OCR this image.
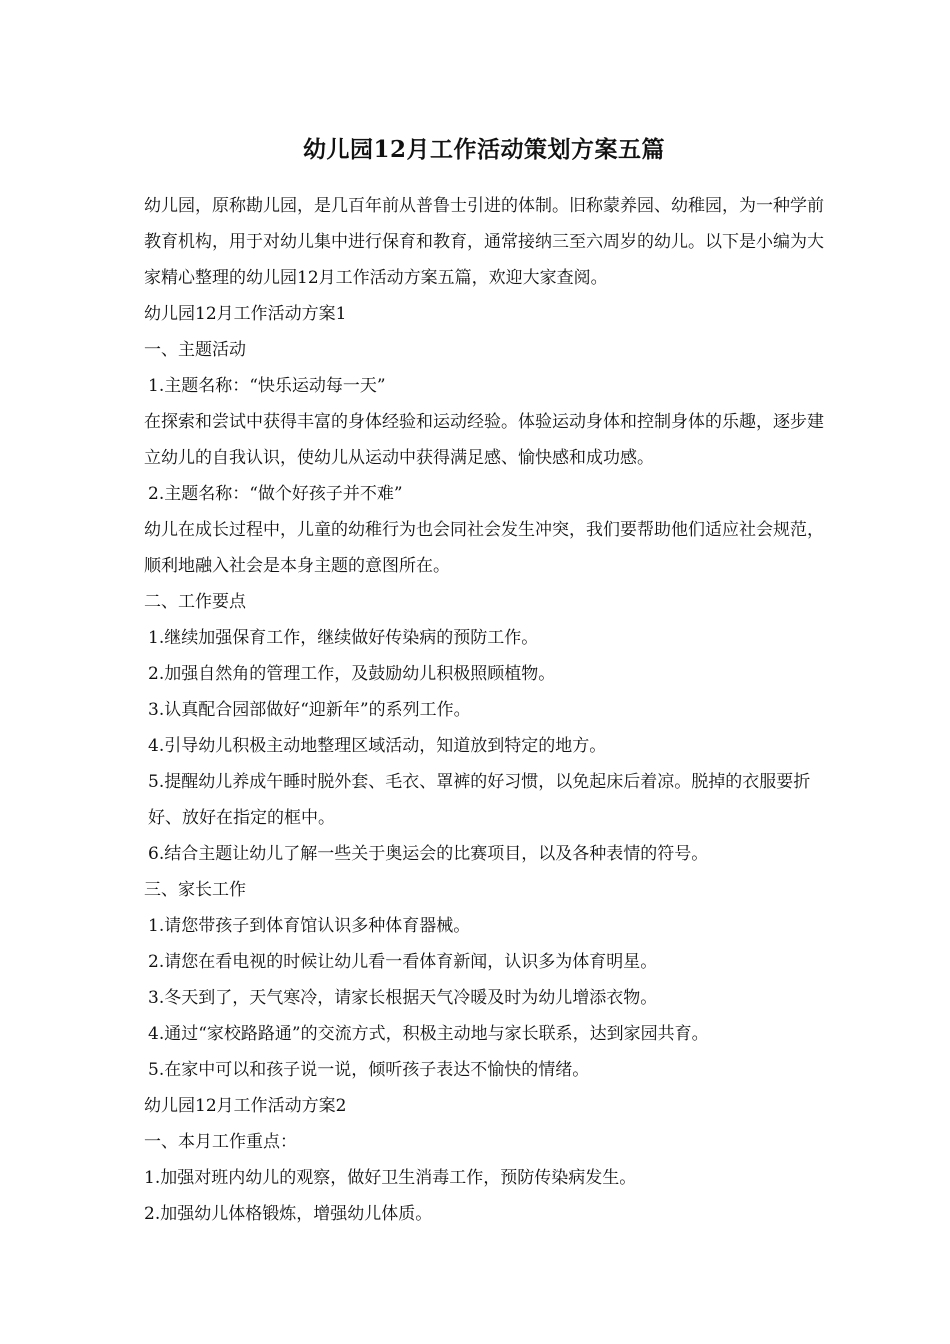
幼儿园12月工作活动策划方案五篇

幼儿园，原称勘儿园，是几百年前从普鲁士引进的体制。旧称蒙养园、幼稚园，为一种学前教育机构，用于对幼儿集中进行保育和教育，通常接纳三至六周岁的幼儿。以下是小编为大家精心整理的幼儿园12月工作活动方案五篇，欢迎大家查阅。

幼儿园12月工作活动方案1

一、主题活动

1.主题名称：“快乐运动每一天”

在探索和尝试中获得丰富的身体经验和运动经验。体验运动身体和控制身体的乐趣，逐步建立幼儿的自我认识，使幼儿从运动中获得满足感、愉快感和成功感。

2.主题名称：“做个好孩子并不难”

幼儿在成长过程中，儿童的幼稚行为也会同社会发生冲突，我们要帮助他们适应社会规范，顺利地融入社会是本身主题的意图所在。

二、工作要点

1.继续加强保育工作，继续做好传染病的预防工作。

2.加强自然角的管理工作，及鼓励幼儿积极照顾植物。

3.认真配合园部做好“迎新年”的系列工作。

4.引导幼儿积极主动地整理区域活动，知道放到特定的地方。

5.提醒幼儿养成午睡时脱外套、毛衣、罩裤的好习惯，以免起床后着凉。脱掉的衣服要折好、放好在指定的框中。

6.结合主题让幼儿了解一些关于奥运会的比赛项目，以及各种表情的符号。

三、家长工作

1.请您带孩子到体育馆认识多种体育器械。

2.请您在看电视的时候让幼儿看一看体育新闻，认识多为体育明星。

3.冬天到了，天气寒冷，请家长根据天气冷暖及时为幼儿增添衣物。

4.通过“家校路路通”的交流方式，积极主动地与家长联系，达到家园共育。

5.在家中可以和孩子说一说，倾听孩子表达不愉快的情绪。

幼儿园12月工作活动方案2

一、本月工作重点：

1.加强对班内幼儿的观察，做好卫生消毒工作，预防传染病发生。

2.加强幼儿体格锻炼，增强幼儿体质。
